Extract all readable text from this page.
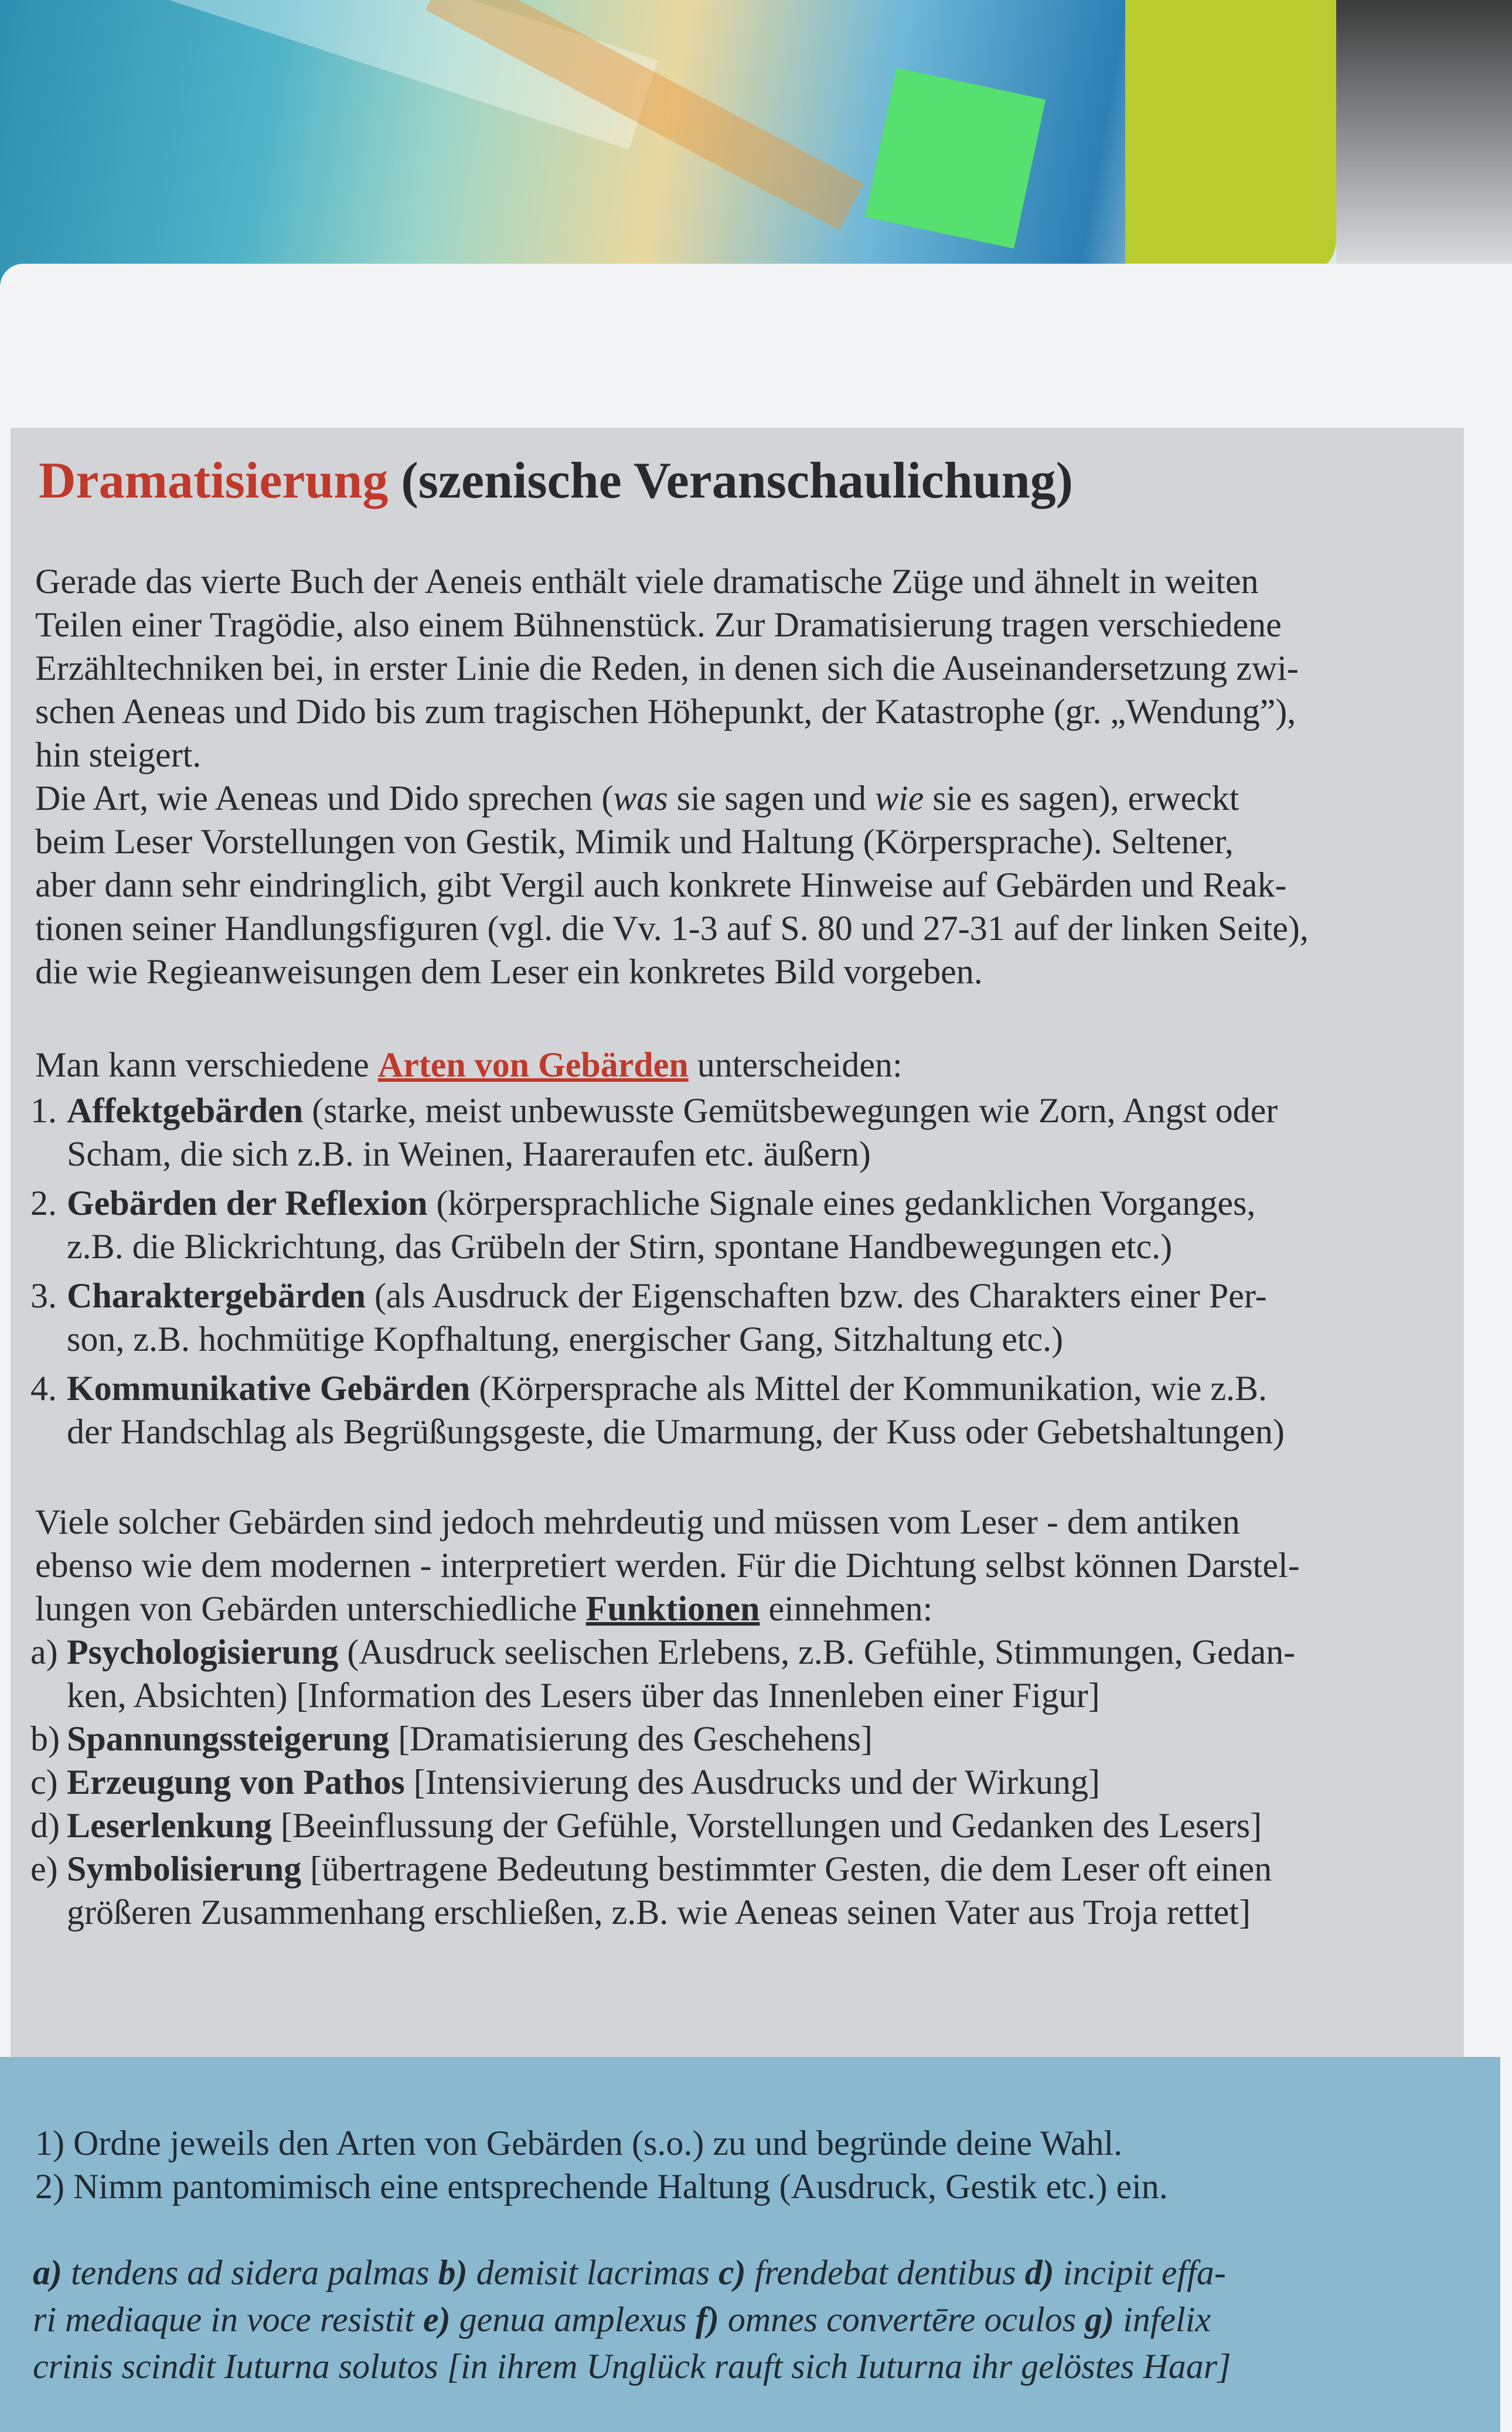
Dramatisierung (szenische Veranschaulichung)
Gerade das vierte Buch der Aeneis enthält viele dramatische Züge und ähnelt in weiten
Teilen einer Tragödie, also einem Bühnenstück. Zur Dramatisierung tragen verschiedene
Erzähltechniken bei, in erster Linie die Reden, in denen sich die Auseinandersetzung zwi-
schen Aeneas und Dido bis zum tragischen Höhepunkt, der Katastrophe (gr. „Wendung”),
hin steigert.
Die Art, wie Aeneas und Dido sprechen (was sie sagen und wie sie es sagen), erweckt
beim Leser Vorstellungen von Gestik, Mimik und Haltung (Körpersprache). Seltener,
aber dann sehr eindringlich, gibt Vergil auch konkrete Hinweise auf Gebärden und Reak-
tionen seiner Handlungsfiguren (vgl. die Vv. 1-3 auf S. 80 und 27-31 auf der linken Seite),
die wie Regieanweisungen dem Leser ein konkretes Bild vorgeben.
Man kann verschiedene Arten von Gebärden unterscheiden:
1. Affektgebärden (starke, meist unbewusste Gemütsbewegungen wie Zorn, Angst oder
Scham, die sich z.B. in Weinen, Haareraufen etc. äußern)
2. Gebärden der Reflexion (körpersprachliche Signale eines gedanklichen Vorganges,
z.B. die Blickrichtung, das Grübeln der Stirn, spontane Handbewegungen etc.)
3. Charaktergebärden (als Ausdruck der Eigenschaften bzw. des Charakters einer Per-
son, z.B. hochmütige Kopfhaltung, energischer Gang, Sitzhaltung etc.)
4. Kommunikative Gebärden (Körpersprache als Mittel der Kommunikation, wie z.B.
der Handschlag als Begrüßungsgeste, die Umarmung, der Kuss oder Gebetshaltungen)
Viele solcher Gebärden sind jedoch mehrdeutig und müssen vom Leser - dem antiken
ebenso wie dem modernen - interpretiert werden. Für die Dichtung selbst können Darstel-
lungen von Gebärden unterschiedliche Funktionen einnehmen:
a) Psychologisierung (Ausdruck seelischen Erlebens, z.B. Gefühle, Stimmungen, Gedan-
ken, Absichten) [Information des Lesers über das Innenleben einer Figur]
b) Spannungssteigerung [Dramatisierung des Geschehens]
c) Erzeugung von Pathos [Intensivierung des Ausdrucks und der Wirkung]
d) Leserlenkung [Beeinflussung der Gefühle, Vorstellungen und Gedanken des Lesers]
e) Symbolisierung [übertragene Bedeutung bestimmter Gesten, die dem Leser oft einen
größeren Zusammenhang erschließen, z.B. wie Aeneas seinen Vater aus Troja rettet]
1) Ordne jeweils den Arten von Gebärden (s.o.) zu und begründe deine Wahl.
2) Nimm pantomimisch eine entsprechende Haltung (Ausdruck, Gestik etc.) ein.
a) tendens ad sidera palmas b) demisit lacrimas c) frendebat dentibus d) incipit effa-
ri mediaque in voce resistit e) genua amplexus f) omnes convertēre oculos g) infelix
crinis scindit Iuturna solutos [in ihrem Unglück rauft sich Iuturna ihr gelöstes Haar]
